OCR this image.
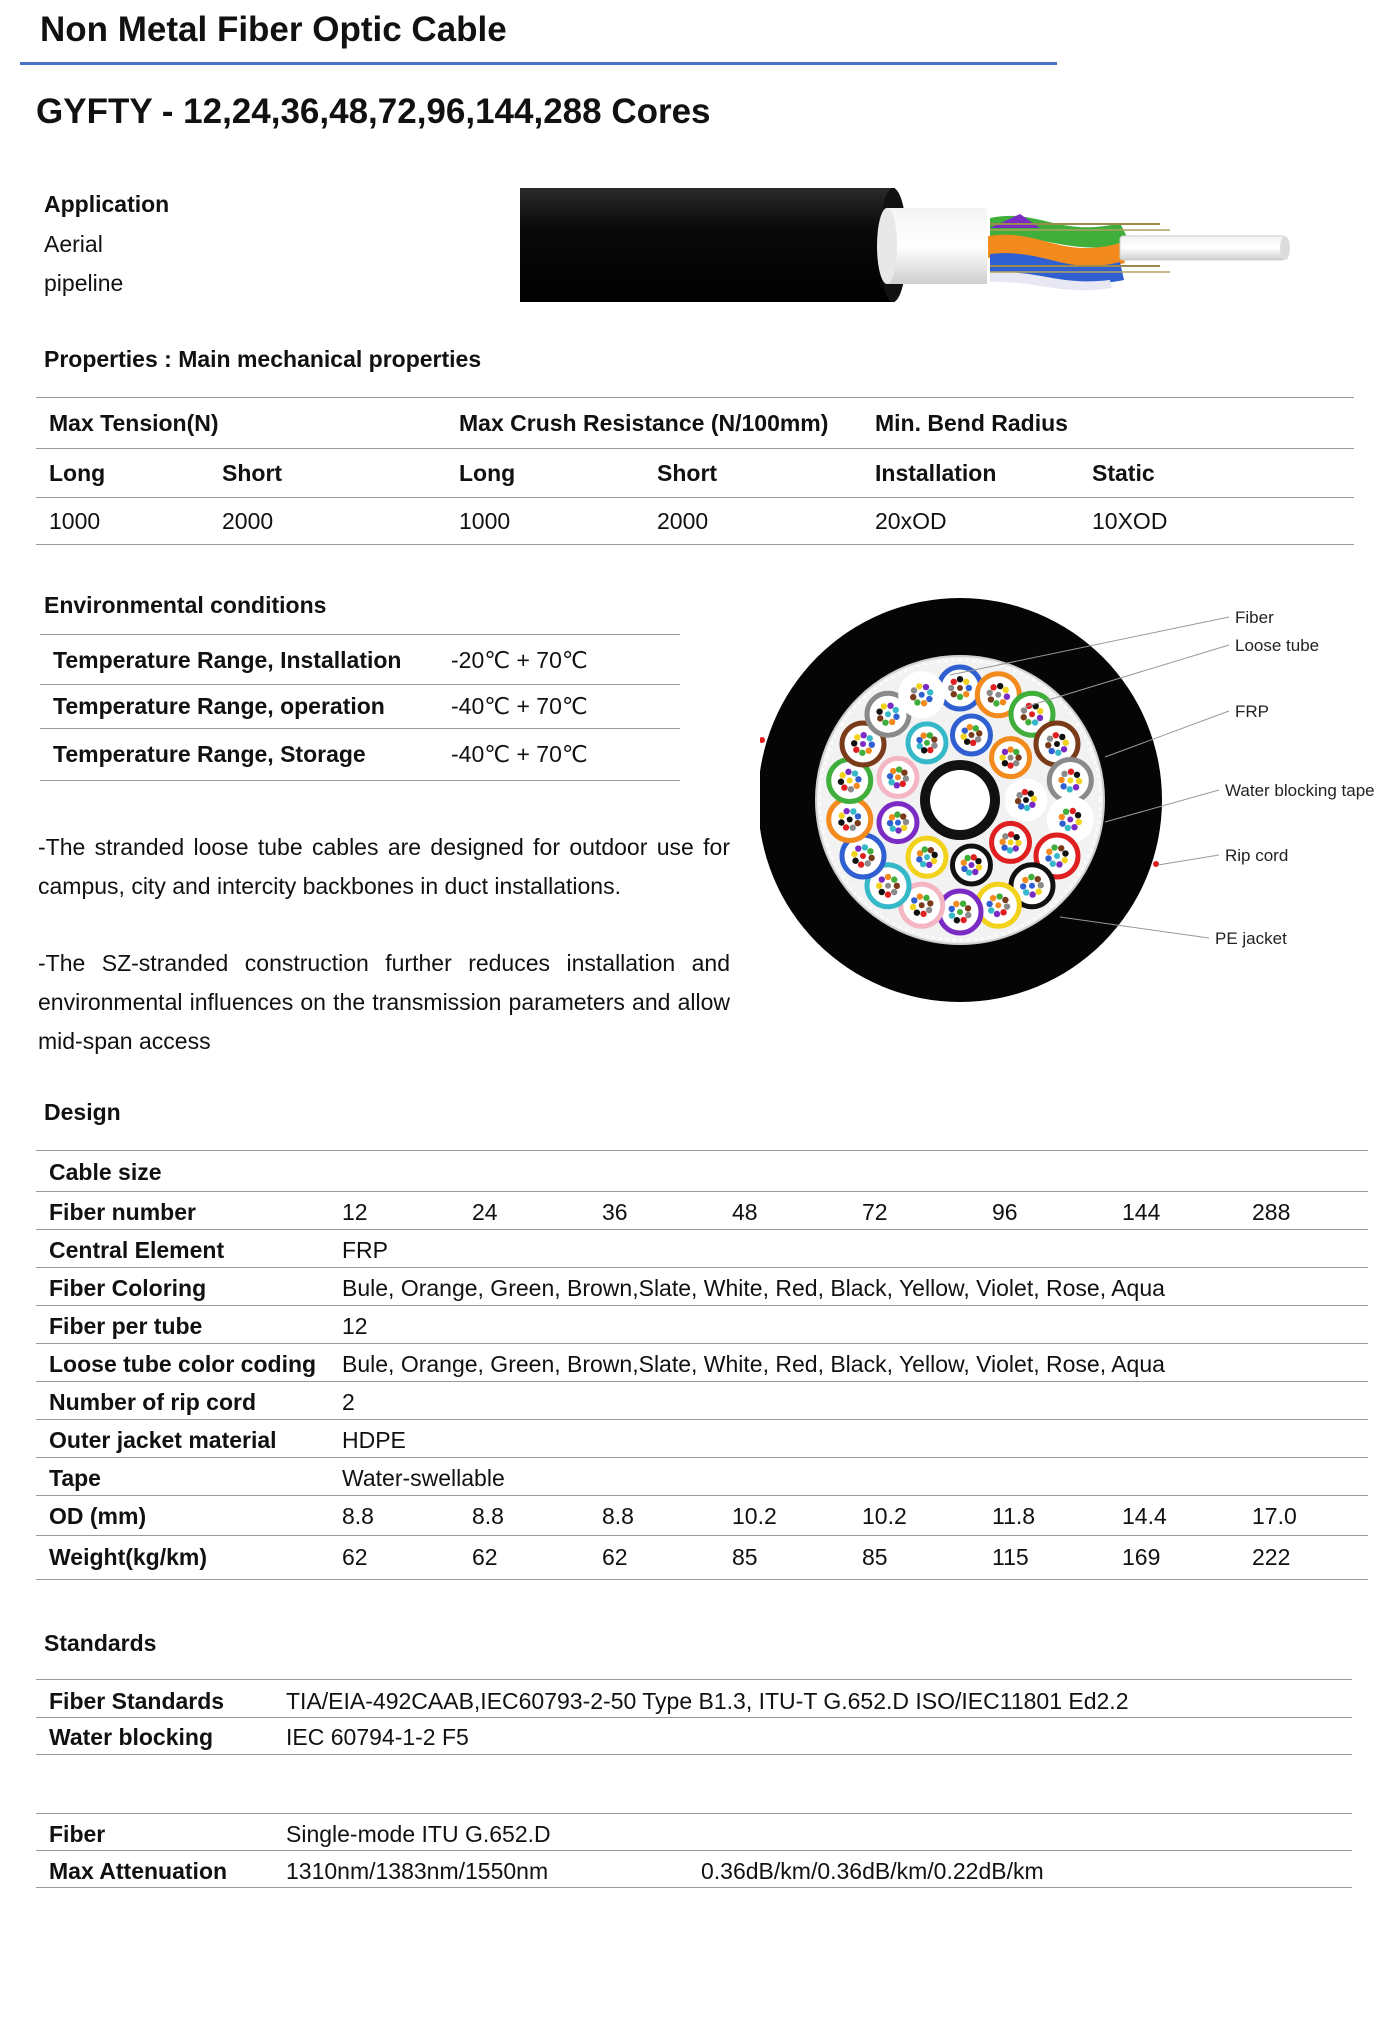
Non Metal Fiber Optic Cable
GYFTY - 12,24,36,48,72,96,144,288 Cores
Application
Aerial
pipeline
Properties : Main mechanical properties
Max Tension(N)	Max Crush Resistance (N/100mm) Min. Bend Radius
Long	Short	Long	Short	Installation	Static
1000	2000	1000	2000	20xOD	10XOD
Environmental conditions
Temperature Range, Installation -20℃ + 70℃
Temperature Range, operation	-40℃ + 70℃
Temperature Range, Storage	-40℃ + 70℃
Fiber
Loose tube
FRP
Water blocking tape
Rip cord
PE jacket
-The stranded loose tube cables are designed for outdoor use for campus, city and intercity backbones in duct installations.
-The SZ-stranded construction further reduces installation and environmental influences on the transmission parameters and allow mid-span access
Design
Cable size
Fiber number	12	24	36	48	72	96	144	288
Central Element	FRP
Fiber Coloring	Bule, Orange, Green, Brown,Slate, White, Red, Black, Yellow, Violet, Rose, Aqua
Fiber per tube	12
Loose tube color coding Bule, Orange, Green, Brown,Slate, White, Red, Black, Yellow, Violet, Rose, Aqua
Number of rip cord	2
Outer jacket material	HDPE
Tape	Water-swellable
OD (mm)	8.8	8.8	8.8	10.2	10.2	11.8	14.4	17.0
Weight(kg/km)	62	62	62	85	85	115	169	222
Standards
Fiber Standards	TIA/EIA-492CAAB,IEC60793-2-50 Type B1.3, ITU-T G.652.D ISO/IEC11801 Ed2.2
Water blocking	IEC 60794-1-2 F5
Fiber	Single-mode ITU G.652.D
Max Attenuation	1310nm/1383nm/1550nm	0.36dB/km/0.36dB/km/0.22dB/km
